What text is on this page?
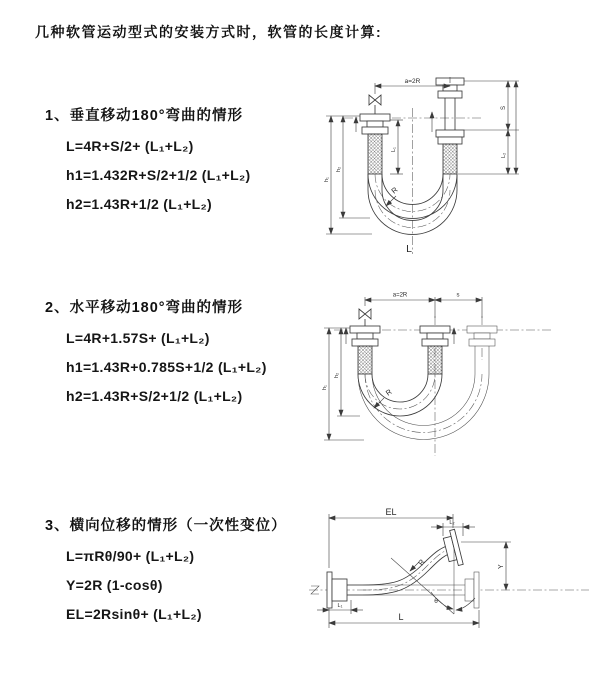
几种软管运动型式的安装方式时，软管的长度计算:
1、垂直移动180°弯曲的情形
L=4R+S/2+ (L₁+L₂)
h1=1.432R+S/2+1/2 (L₁+L₂)
h2=1.43R+1/2 (L₁+L₂)
2、水平移动180°弯曲的情形
L=4R+1.57S+ (L₁+L₂)
h1=1.43R+0.785S+1/2 (L₁+L₂)
h2=1.43R+S/2+1/2 (L₁+L₂)
3、横向位移的情形（一次性变位）
L=πRθ/90+ (L₁+L₂)
Y=2R (1-cosθ)
EL=2Rsinθ+ (L₁+L₂)
a=2R
h₁
h₂
L₁
S
L₂
R
L
a=2R	s
h₁
h₂
R
EL
L₂
Y
L
L₁
R
θ
